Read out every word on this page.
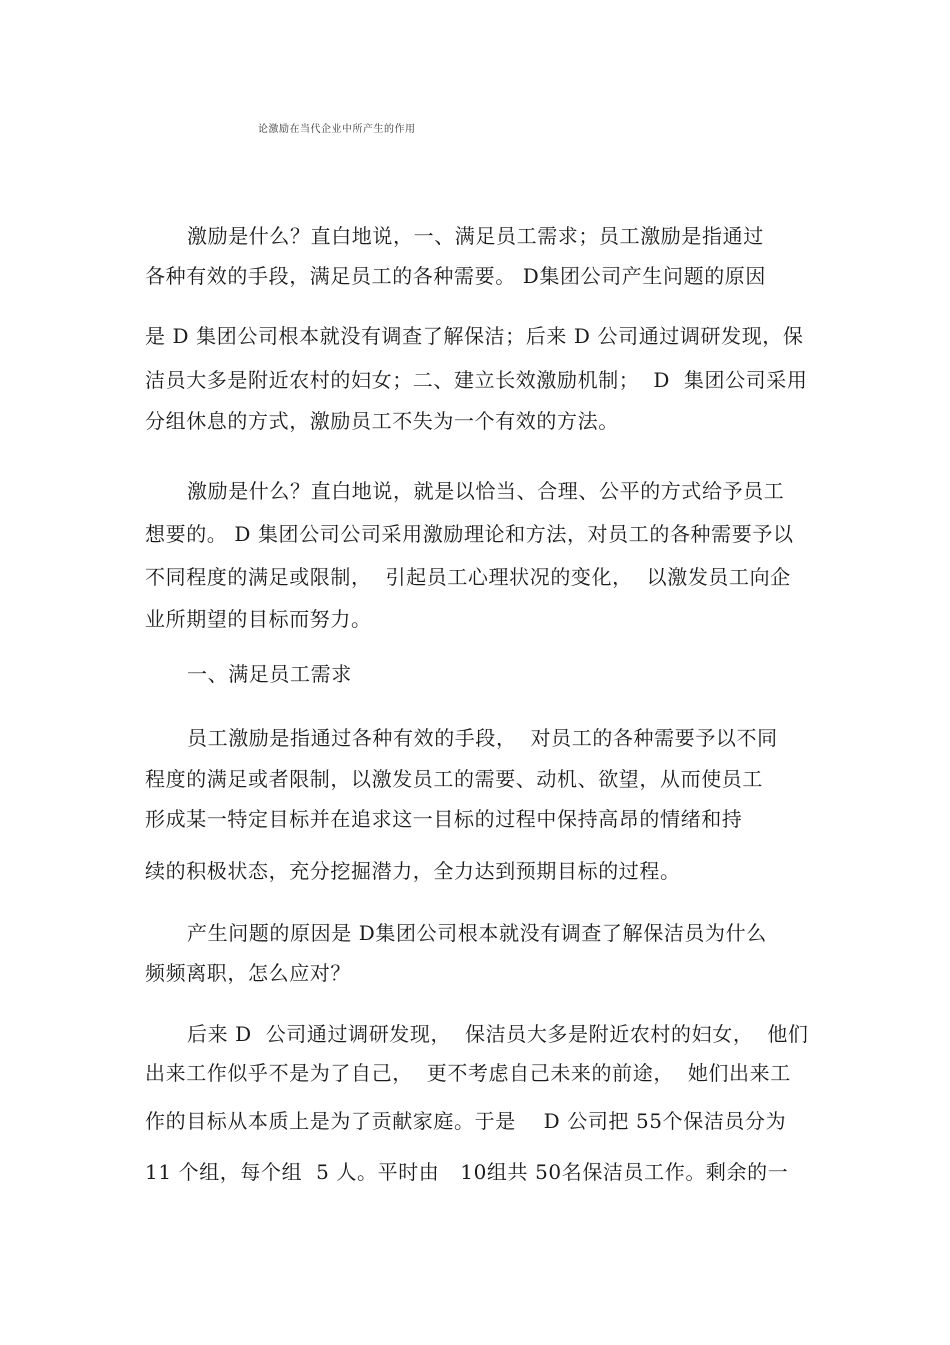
论激励在当代企业中所产生的作用
激励是什么？直白地说，一、满足员工需求；员工激励是指通过
各种有效的手段，满足员工的各种需要。 D集团公司产生问题的原因
是 D 集团公司根本就没有调查了解保洁；后来 D 公司通过调研发现，保
洁员大多是附近农村的妇女；二、建立长效激励机制；  D  集团公司采用
分组休息的方式，激励员工不失为一个有效的方法。
激励是什么？直白地说，就是以恰当、合理、公平的方式给予员工
想要的。 D 集团公司公司采用激励理论和方法，对员工的各种需要予以
不同程度的满足或限制，  引起员工心理状况的变化，  以激发员工向企
业所期望的目标而努力。
一、满足员工需求
员工激励是指通过各种有效的手段，  对员工的各种需要予以不同
程度的满足或者限制，以激发员工的需要、动机、欲望，从而使员工
形成某一特定目标并在追求这一目标的过程中保持高昂的情绪和持
续的积极状态，充分挖掘潜力，全力达到预期目标的过程。
产生问题的原因是 D集团公司根本就没有调查了解保洁员为什么
频频离职，怎么应对？
后来 D  公司通过调研发现，  保洁员大多是附近农村的妇女，  他们
出来工作似乎不是为了自己，  更不考虑自己未来的前途，  她们出来工
作的目标从本质上是为了贡献家庭。于是    D 公司把 55个保洁员分为
11 个组，每个组  5 人。平时由   10组共 50名保洁员工作。剩余的一
